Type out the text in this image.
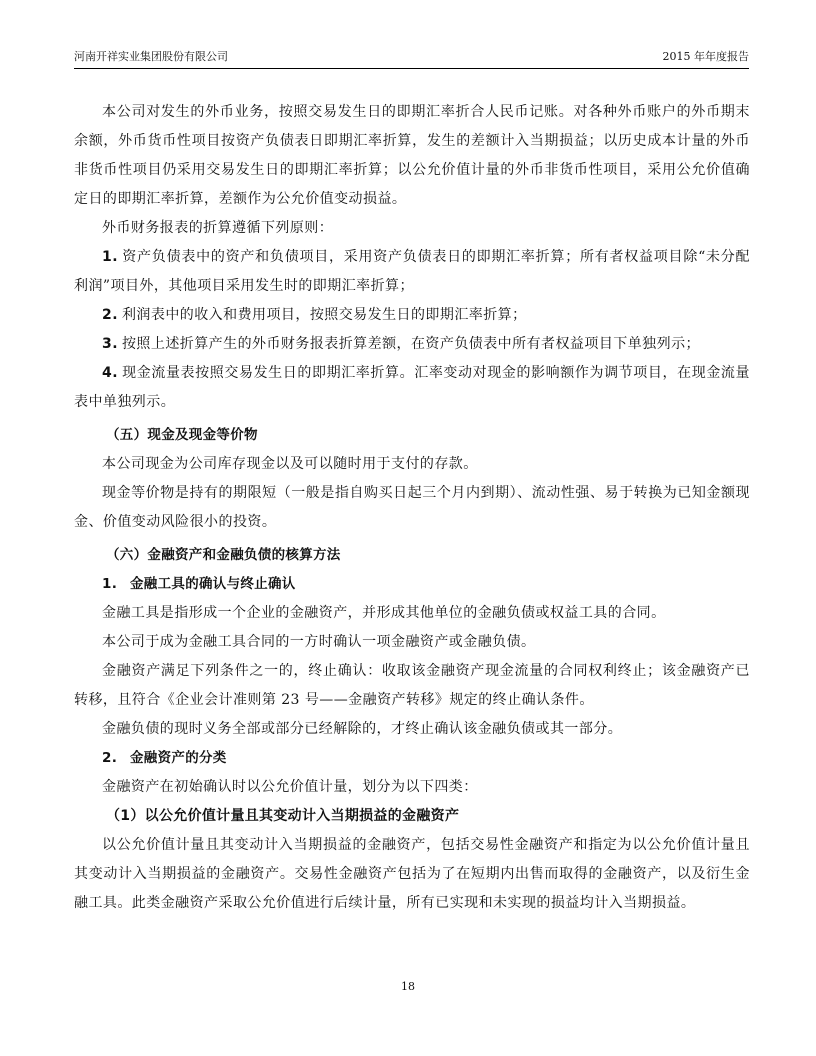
河南开祥实业集团股份有限公司	2015 年年度报告

本公司对发生的外币业务，按照交易发生日的即期汇率折合人民币记账。对各种外币账户的外币期末余额，外币货币性项目按资产负债表日即期汇率折算，发生的差额计入当期损益；以历史成本计量的外币非货币性项目仍采用交易发生日的即期汇率折算；以公允价值计量的外币非货币性项目，采用公允价值确定日的即期汇率折算，差额作为公允价值变动损益。

外币财务报表的折算遵循下列原则：

1. 资产负债表中的资产和负债项目，采用资产负债表日的即期汇率折算；所有者权益项目除“未分配利润”项目外，其他项目采用发生时的即期汇率折算；

2. 利润表中的收入和费用项目，按照交易发生日的即期汇率折算；

3. 按照上述折算产生的外币财务报表折算差额，在资产负债表中所有者权益项目下单独列示；

4. 现金流量表按照交易发生日的即期汇率折算。汇率变动对现金的影响额作为调节项目，在现金流量表中单独列示。

（五）现金及现金等价物

本公司现金为公司库存现金以及可以随时用于支付的存款。

现金等价物是持有的期限短（一般是指自购买日起三个月内到期）、流动性强、易于转换为已知金额现金、价值变动风险很小的投资。

（六）金融资产和金融负债的核算方法

1. 金融工具的确认与终止确认

金融工具是指形成一个企业的金融资产，并形成其他单位的金融负债或权益工具的合同。

本公司于成为金融工具合同的一方时确认一项金融资产或金融负债。

金融资产满足下列条件之一的，终止确认：收取该金融资产现金流量的合同权利终止；该金融资产已转移，且符合《企业会计准则第 23 号——金融资产转移》规定的终止确认条件。

金融负债的现时义务全部或部分已经解除的，才终止确认该金融负债或其一部分。

2. 金融资产的分类

金融资产在初始确认时以公允价值计量，划分为以下四类：

（1）以公允价值计量且其变动计入当期损益的金融资产

以公允价值计量且其变动计入当期损益的金融资产，包括交易性金融资产和指定为以公允价值计量且其变动计入当期损益的金融资产。交易性金融资产包括为了在短期内出售而取得的金融资产，以及衍生金融工具。此类金融资产采取公允价值进行后续计量，所有已实现和未实现的损益均计入当期损益。

18
